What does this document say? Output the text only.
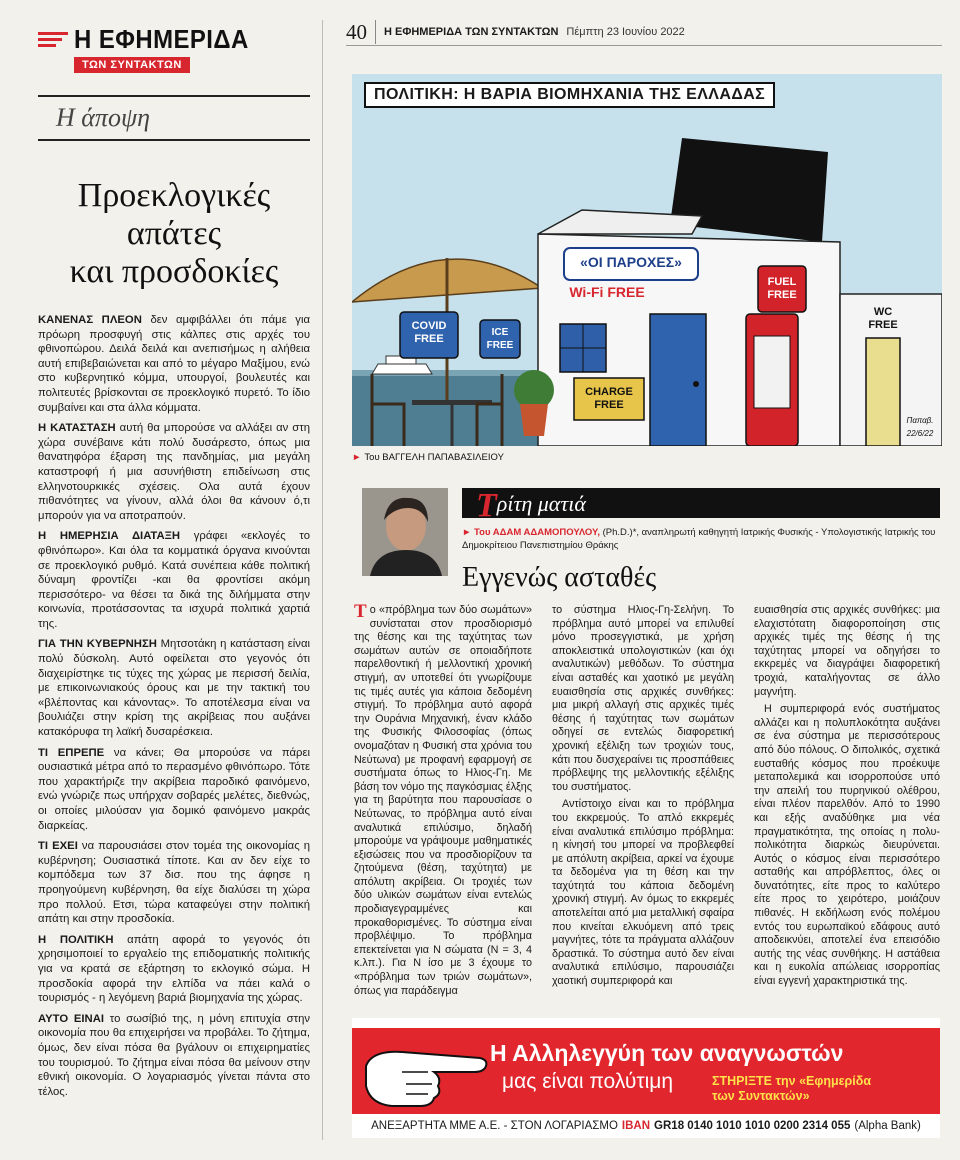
Η ΕΦΗΜΕΡΙΔΑ
ΤΩΝ ΣΥΝΤΑΚΤΩΝ
Η άποψη
Προεκλογικές
απάτες
και προσδοκίες

ΚΑΝΕΝΑΣ ΠΛΕΟΝ δεν αμφιβάλλει ότι πάμε για πρόωρη προσφυγή στις κάλπες στις αρχές του φθινοπώρου. Δειλά δειλά και ανεπισήμως η αλήθεια αυτή επιβεβαιώνεται και από το μέγαρο Μαξίμου, ενώ στο κυβερνητικό κόμμα, υπουργοί, βουλευτές και πολιτευτές βρίσκονται σε προεκλογικό πυρετό. Το ίδιο συμβαίνει και στα άλλα κόμματα.

Η ΚΑΤΑΣΤΑΣΗ αυτή θα μπορούσε να αλλάξει αν στη χώρα συνέβαινε κάτι πολύ δυσάρεστο, όπως μια θανατηφόρα έξαρση της πανδημίας, μια μεγάλη καταστροφή ή μια ασυνήθιστη επιδείνωση στις ελληνοτουρκικές σχέσεις. Ολα αυτά έχουν πιθανότητες να γίνουν, αλλά όλοι θα κάνουν ό,τι μπορούν για να αποτραπούν.

Η ΗΜΕΡΗΣΙΑ ΔΙΑΤΑΞΗ γράφει «εκλογές το φθινόπωρο». Και όλα τα κομματικά όργανα κινούνται σε προεκλογικό ρυθμό. Κατά συνέπεια κάθε πολιτική δύναμη φροντίζει -και θα φροντίσει ακόμη περισσότερο- να θέσει τα δικά της διλήμματα στην κοινωνία, προτάσσοντας τα ισχυρά πολιτικά χαρτιά της.

ΓΙΑ ΤΗΝ ΚΥΒΕΡΝΗΣΗ Μητσοτάκη η κατάσταση είναι πολύ δύσκολη. Αυτό οφείλεται στο γεγονός ότι διαχειρίστηκε τις τύχες της χώρας με περισσή δειλία, με επικοινωνιακούς όρους και με την τακτική του «βλέποντας και κάνοντας». Το αποτέλεσμα είναι να βουλιάζει στην κρίση της ακρίβειας που αυξάνει κατακόρυφα τη λαϊκή δυσαρέσκεια.

ΤΙ ΕΠΡΕΠΕ να κάνει; Θα μπορούσε να πάρει ουσιαστικά μέτρα από το περασμένο φθινόπωρο. Τότε που χαρακτήριζε την ακρίβεια παροδικό φαινόμενο, ενώ γνώριζε πως υπήρχαν σοβαρές μελέτες, διεθνώς, οι οποίες μιλούσαν για δομικό φαινόμενο μακράς διαρκείας.

ΤΙ ΕΧΕΙ να παρουσιάσει στον τομέα της οικονομίας η κυβέρνηση; Ουσιαστικά τίποτε. Και αν δεν είχε το κομπόδεμα των 37 δισ. που της άφησε η προηγούμενη κυβέρνηση, θα είχε διαλύσει τη χώρα προ πολλού. Ετσι, τώρα καταφεύγει στην πολιτική απάτη και στην προσδοκία.

Η ΠΟΛΙΤΙΚΗ απάτη αφορά το γεγονός ότι χρησιμοποιεί το εργαλείο της επιδοματικής πολιτικής για να κρατά σε εξάρτηση το εκλογικό σώμα. Η προσδοκία αφορά την ελπίδα να πάει καλά ο τουρισμός - η λεγόμενη βαριά βιομηχανία της χώρας.

ΑΥΤΟ ΕΙΝΑΙ το σωσίβιό της, η μόνη επιτυχία στην οικονομία που θα επιχειρήσει να προβάλει. Το ζήτημα, όμως, δεν είναι πόσα θα βγάλουν οι επιχειρηματίες του τουρισμού. Το ζήτημα είναι πόσα θα μείνουν στην εθνική οικονομία. Ο λογαριασμός γίνεται πάντα στο τέλος.

40	Η ΕΦΗΜΕΡΙΔΑ ΤΩΝ ΣΥΝΤΑΚΤΩΝ Πέμπτη 23 Ιουνίου 2022
ΠΟΛΙΤΙΚΗ: Η ΒΑΡΙΑ ΒΙΟΜΗΧΑΝΙΑ ΤΗΣ ΕΛΛΑΔΑΣ
«ΟΙ ΠΑΡΟΧΕΣ»
Wi-Fi FREE
COVID FREE
ICE FREE
CHARGE FREE
FUEL FREE
WC FREE
Παπαβ. 22/6/22
► Του ΒΑΓΓΕΛΗ ΠΑΠΑΒΑΣΙΛΕΙΟΥ
Τ ρίτη ματιά
► Του ΑΔΑΜ ΑΔΑΜΟΠΟΥΛΟΥ, (Ph.D.)*, αναπληρωτή καθηγητή Ιατρικής Φυσικής - Υπολογιστικής Ιατρικής του Δημοκρίτειου Πανεπιστημίου Θράκης
Εγγενώς ασταθές

Το «πρόβλημα των δύο σωμάτων» συνίσταται στον προσδιορισμό της θέσης και της ταχύτητας των σωμάτων αυτών σε οποιαδήποτε παρελθοντική ή μελλοντική χρονική στιγμή, αν υποτεθεί ότι γνωρίζουμε τις τιμές αυτές για κάποια δεδομένη στιγμή. Το πρόβλημα αυτό αφορά την Ουράνια Μηχανική, έναν κλάδο της Φυσικής Φιλοσοφίας (όπως ονομαζόταν η Φυσική στα χρόνια του Νεύτωνα) με προφανή εφαρμογή σε συστήματα όπως το Ηλιος-Γη. Με βάση τον νόμο της παγκόσμιας έλξης για τη βαρύτητα που παρουσίασε ο Νεύτωνας, το πρόβλημα αυτό είναι αναλυτικά επιλύσιμο, δηλαδή μπορούμε να γράψουμε μαθηματικές εξισώσεις που να προσδιορίζουν τα ζητούμενα (θέση, ταχύτητα) με απόλυτη ακρίβεια. Οι τροχιές των δύο υλικών σωμάτων είναι εντελώς προδιαγεγραμμένες και προκαθορισμένες. Το σύστημα είναι προβλέψιμο. Το πρόβλημα επεκτείνεται για Ν σώματα (Ν = 3, 4 κ.λπ.). Για Ν ίσο με 3 έχουμε το «πρόβλημα των τριών σωμάτων», όπως για παράδειγμα

το σύστημα Ηλιος-Γη-Σελήνη. Το πρόβλημα αυτό μπορεί να επιλυθεί μόνο προσεγγιστικά, με χρήση αποκλειστικά υπολογιστικών (και όχι αναλυτικών) μεθόδων. Το σύστημα είναι ασταθές και χαοτικό με μεγάλη ευαισθησία στις αρχικές συνθήκες: μια μικρή αλλαγή στις αρχικές τιμές θέσης ή ταχύτητας των σωμάτων οδηγεί σε εντελώς διαφορετική χρονική εξέλιξη των τροχιών τους, κάτι που δυσχεραίνει τις προσπάθειες πρόβλεψης της μελλοντικής εξέλιξης του συστήματος.

Αντίστοιχο είναι και το πρόβλημα του εκκρεμούς. Το απλό εκκρεμές είναι αναλυτικά επιλύσιμο πρόβλημα: η κίνησή του μπορεί να προβλεφθεί με απόλυτη ακρίβεια, αρκεί να έχουμε τα δεδομένα για τη θέση και την ταχύτητά του κάποια δεδομένη χρονική στιγμή. Αν όμως το εκκρεμές αποτελείται από μια μεταλλική σφαίρα που κινείται ελκυόμενη από τρεις μαγνήτες, τότε τα πράγματα αλλάζουν δραστικά. Το σύστημα αυτό δεν είναι αναλυτικά επιλύσιμο, παρουσιάζει χαοτική συμπεριφορά και

ευαισθησία στις αρχικές συνθήκες: μια ελαχιστότατη διαφοροποίηση στις αρχικές τιμές της θέσης ή της ταχύτητας μπορεί να οδηγήσει το εκκρεμές να διαγράψει διαφορετική τροχιά, καταλήγοντας σε άλλο μαγνήτη.

Η συμπεριφορά ενός συστήματος αλλάζει και η πολυπλοκότητα αυξάνει σε ένα σύστημα με περισσότερους από δύο πόλους. Ο διπολικός, σχετικά ευσταθής κόσμος που προέκυψε μεταπολεμικά και ισορροπούσε υπό την απειλή του πυρηνικού ολέθρου, είναι πλέον παρελθόν. Από το 1990 και εξής αναδύθηκε μια νέα πραγματικότητα, της οποίας η πολυ-πολικότητα διαρκώς διευρύνεται. Αυτός ο κόσμος είναι περισσότερο ασταθής και απρόβλεπτος, όλες οι δυνατότητες, είτε προς το καλύτερο είτε προς το χειρότερο, μοιάζουν πιθανές. Η εκδήλωση ενός πολέμου εντός του ευρωπαϊκού εδάφους αυτό αποδεικνύει, αποτελεί ένα επεισόδιο αυτής της νέας συνθήκης. Η αστάθεια και η ευκολία απώλειας ισορροπίας είναι εγγενή χαρακτηριστικά της.

Η Αλληλεγγύη των αναγνωστών
μας είναι πολύτιμη	ΣΤΗΡΙΞΤΕ την «Εφημερίδα
των Συντακτών»
ΑΝΕΞΑΡΤΗΤΑ ΜΜΕ Α.Ε. - ΣΤΟΝ ΛΟΓΑΡΙΑΣΜΟ IBAN GR18 0140 1010 1010 0200 2314 055 (Alpha Bank)
